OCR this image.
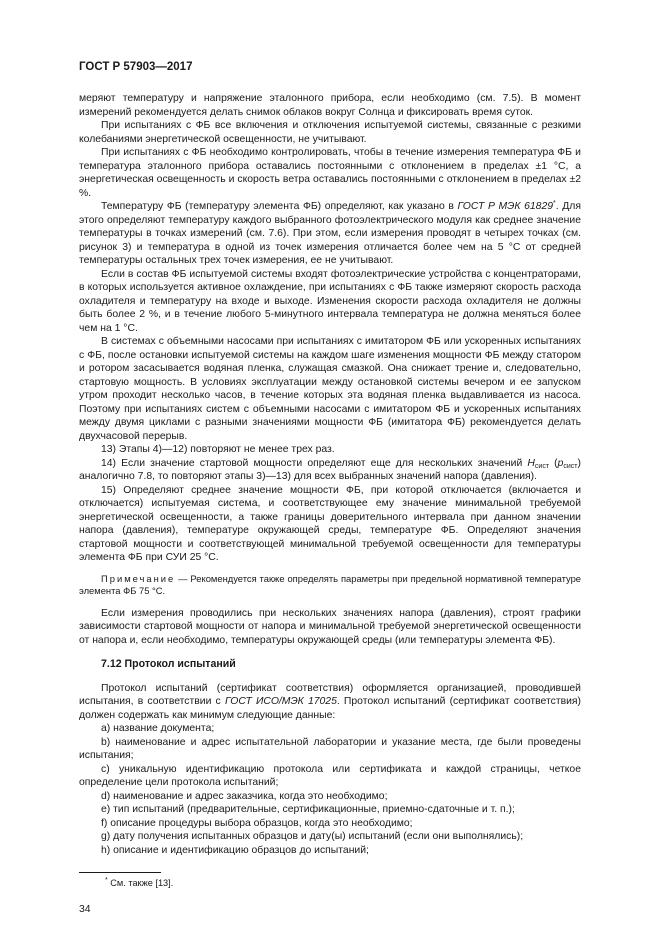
ГОСТ Р 57903—2017

меряют температуру и напряжение эталонного прибора, если необходимо (см. 7.5). В момент измерений рекомендуется делать снимок облаков вокруг Солнца и фиксировать время суток.

При испытаниях с ФБ все включения и отключения испытуемой системы, связанные с резкими колебаниями энергетической освещенности, не учитывают.

При испытаниях с ФБ необходимо контролировать, чтобы в течение измерения температура ФБ и температура эталонного прибора оставались постоянными с отклонением в пределах ±1 °С, а энергетическая освещенность и скорость ветра оставались постоянными с отклонением в пределах ±2 %.

Температуру ФБ (температуру элемента ФБ) определяют, как указано в ГОСТ Р МЭК 61829*. Для этого определяют температуру каждого выбранного фотоэлектрического модуля как среднее значение температуры в точках измерений (см. 7.6). При этом, если измерения проводят в четырех точках (см. рисунок 3) и температура в одной из точек измерения отличается более чем на 5 °С от средней температуры остальных трех точек измерения, ее не учитывают.

Если в состав ФБ испытуемой системы входят фотоэлектрические устройства с концентраторами, в которых используется активное охлаждение, при испытаниях с ФБ также измеряют скорость расхода охладителя и температуру на входе и выходе. Изменения скорости расхода охладителя не должны быть более 2 %, и в течение любого 5-минутного интервала температура не должна меняться более чем на 1 °С.

В системах с объемными насосами при испытаниях с имитатором ФБ или ускоренных испытаниях с ФБ, после остановки испытуемой системы на каждом шаге изменения мощности ФБ между статором и ротором засасывается водяная пленка, служащая смазкой. Она снижает трение и, следовательно, стартовую мощность. В условиях эксплуатации между остановкой системы вечером и ее запуском утром проходит несколько часов, в течение которых эта водяная пленка выдавливается из насоса. Поэтому при испытаниях систем с объемными насосами с имитатором ФБ и ускоренных испытаниях между двумя циклами с разными значениями мощности ФБ (имитатора ФБ) рекомендуется делать двухчасовой перерыв.

13) Этапы 4)—12) повторяют не менее трех раз.

14) Если значение стартовой мощности определяют еще для нескольких значений $H_{сист}$ $(p_{сист})$ аналогично 7.8, то повторяют этапы 3)—13) для всех выбранных значений напора (давления).

15) Определяют среднее значение мощности ФБ, при которой отключается (включается и отключается) испытуемая система, и соответствующее ему значение минимальной требуемой энергетической освещенности, а также границы доверительного интервала при данном значении напора (давления), температуре окружающей среды, температуре ФБ. Определяют значения стартовой мощности и соответствующей минимальной требуемой освещенности для температуры элемента ФБ при СУИ 25 °С.

Примечание — Рекомендуется также определять параметры при предельной нормативной температуре элемента ФБ 75 °С.

Если измерения проводились при нескольких значениях напора (давления), строят графики зависимости стартовой мощности от напора и минимальной требуемой энергетической освещенности от напора и, если необходимо, температуры окружающей среды (или температуры элемента ФБ).

7.12 Протокол испытаний

Протокол испытаний (сертификат соответствия) оформляется организацией, проводившей испытания, в соответствии с ГОСТ ИСО/МЭК 17025. Протокол испытаний (сертификат соответствия) должен содержать как минимум следующие данные:

a) название документа;

b) наименование и адрес испытательной лаборатории и указание места, где были проведены испытания;

c) уникальную идентификацию протокола или сертификата и каждой страницы, четкое определение цели протокола испытаний;

d) наименование и адрес заказчика, когда это необходимо;

e) тип испытаний (предварительные, сертификационные, приемно-сдаточные и т. п.);

f) описание процедуры выбора образцов, когда это необходимо;

g) дату получения испытанных образцов и дату(ы) испытаний (если они выполнялись);

h) описание и идентификацию образцов до испытаний;

* См. также [13].
34
